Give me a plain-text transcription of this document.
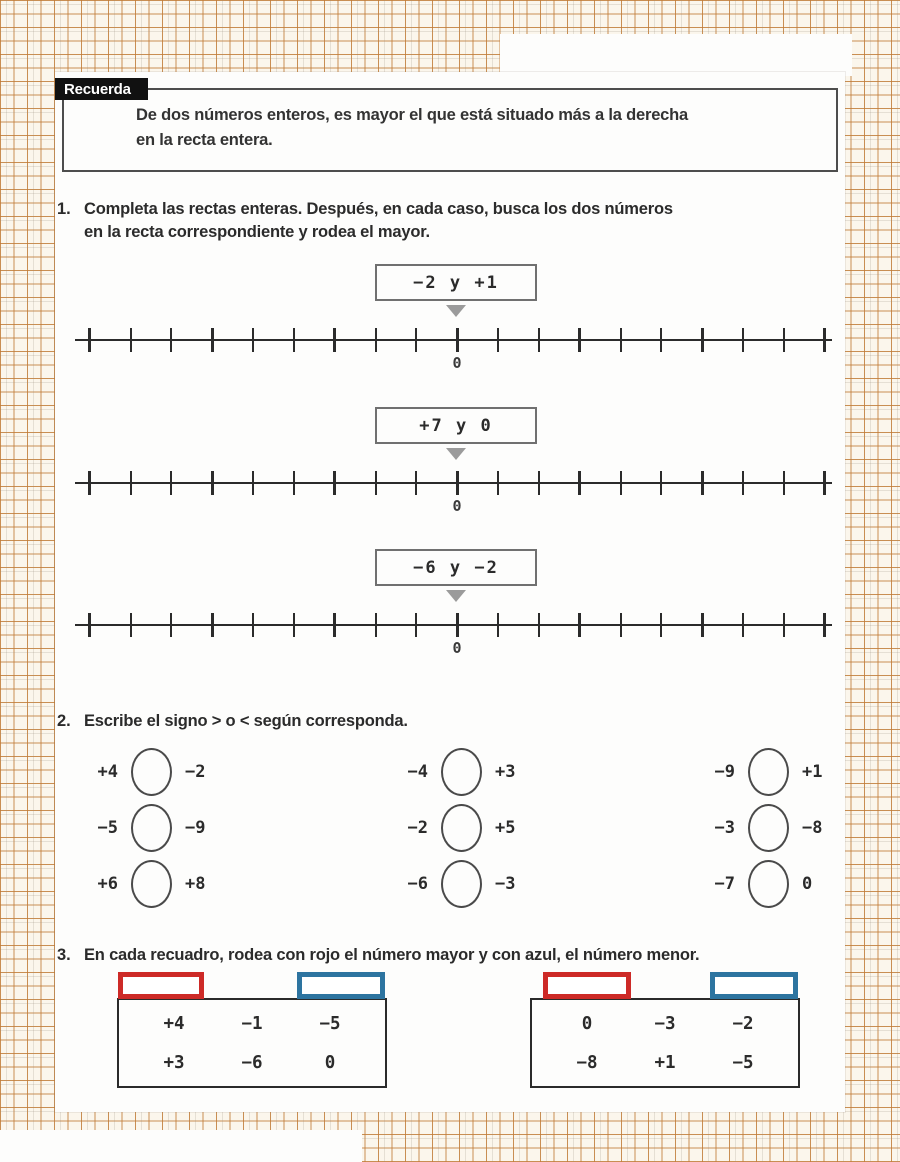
Recuerda
De dos números enteros, es mayor el que está situado más a la derecha
en la recta entera.
1. Completa las rectas enteras. Después, en cada caso, busca los dos números
en la recta correspondiente y rodea el mayor.
−2 y +1
0
+7 y 0
0
−6 y −2
0
2. Escribe el signo > o < según corresponda.
+4	−2	−4	+3	−9	+1
−5	−9	−2	+5	−3	−8
+6	+8	−6	−3	−7	0
3. En cada recuadro, rodea con rojo el número mayor y con azul, el número menor.
+4	−1	−5
+3	−6	0
0	−3	−2
−8	+1	−5
